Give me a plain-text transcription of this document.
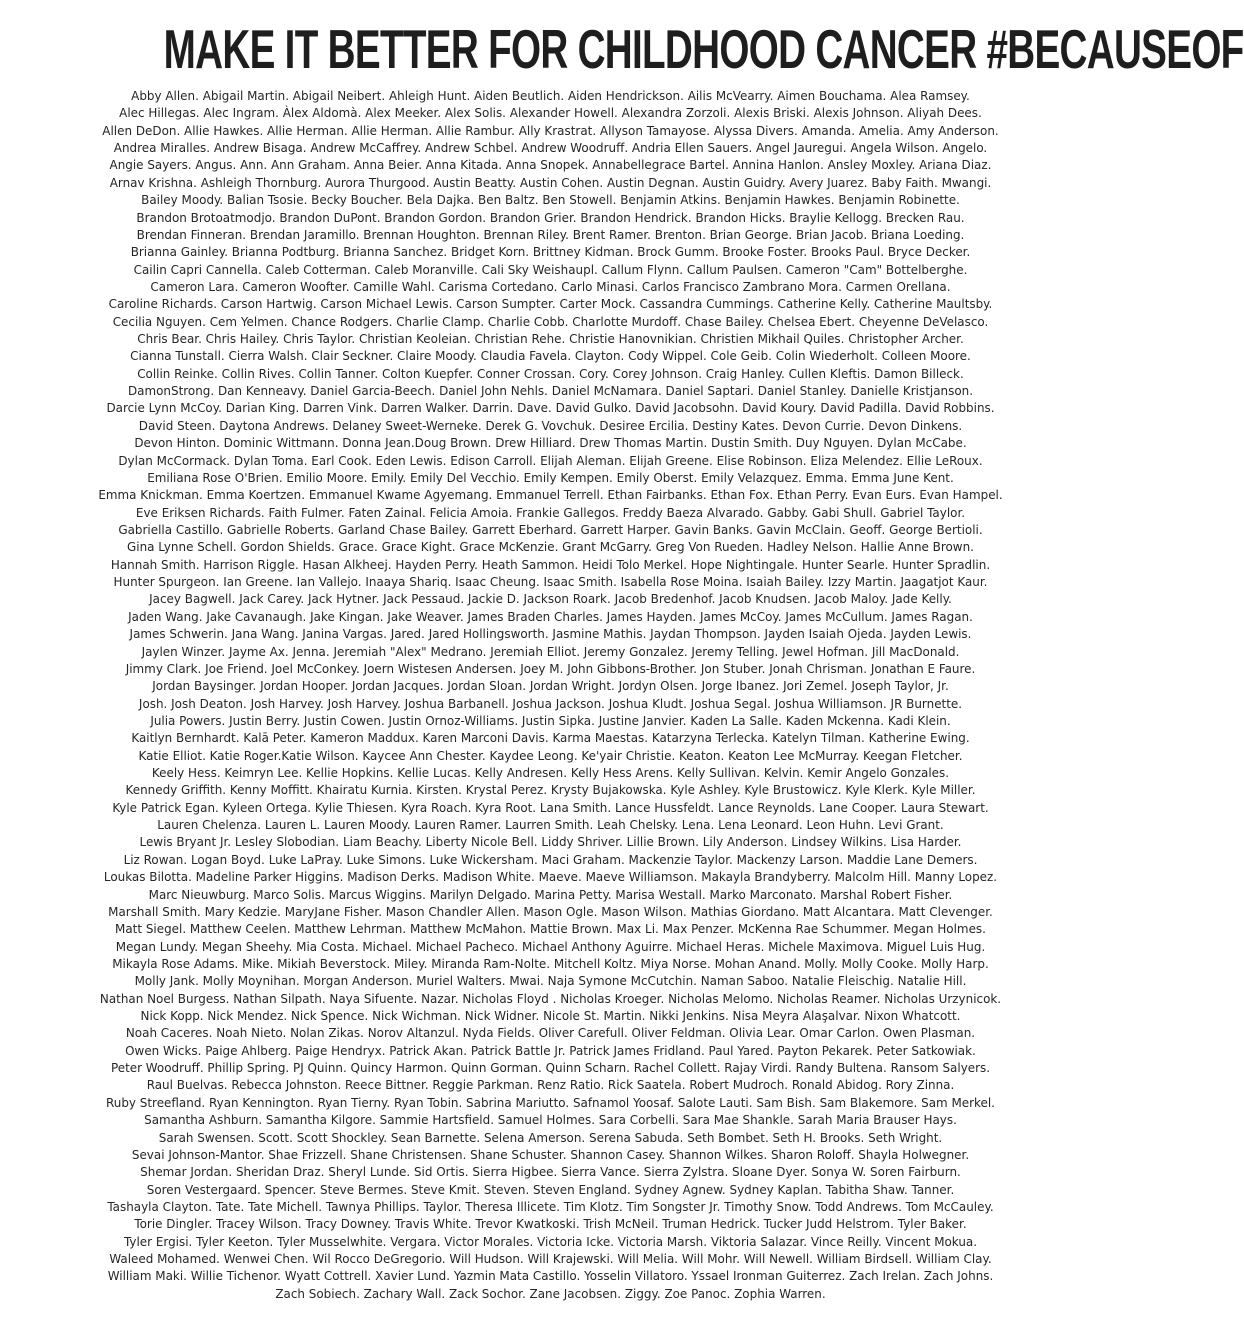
MAKE IT BETTER FOR CHILDHOOD CANCER #BECAUSEOF
Abby Allen. Abigail Martin. Abigail Neibert. Ahleigh Hunt. Aiden Beutlich. Aiden Hendrickson. Ailis McVearry. Aimen Bouchama. Alea Ramsey.
Alec Hillegas. Alec Ingram. Àlex Aldomà. Alex Meeker. Alex Solis. Alexander Howell. Alexandra Zorzoli. Alexis Briski. Alexis Johnson. Aliyah Dees.
Allen DeDon. Allie Hawkes. Allie Herman. Allie Herman. Allie Rambur. Ally Krastrat. Allyson Tamayose. Alyssa Divers. Amanda. Amelia. Amy Anderson.
Andrea Miralles. Andrew Bisaga. Andrew McCaffrey. Andrew Schbel. Andrew Woodruff. Andria Ellen Sauers. Angel Jauregui. Angela Wilson. Angelo.
Angie Sayers. Angus. Ann. Ann Graham. Anna Beier. Anna Kitada. Anna Snopek. Annabellegrace Bartel. Annina Hanlon. Ansley Moxley. Ariana Diaz.
Arnav Krishna. Ashleigh Thornburg. Aurora Thurgood. Austin Beatty. Austin Cohen. Austin Degnan. Austin Guidry. Avery Juarez. Baby Faith. Mwangi.
Bailey Moody. Balian Tsosie. Becky Boucher. Bela Dajka. Ben Baltz. Ben Stowell. Benjamin Atkins. Benjamin Hawkes. Benjamin Robinette.
Brandon Brotoatmodjo. Brandon DuPont. Brandon Gordon. Brandon Grier. Brandon Hendrick. Brandon Hicks. Braylie Kellogg. Brecken Rau.
Brendan Finneran. Brendan Jaramillo. Brennan Houghton. Brennan Riley. Brent Ramer. Brenton. Brian George. Brian Jacob. Briana Loeding.
Brianna Gainley. Brianna Podtburg. Brianna Sanchez. Bridget Korn. Brittney Kidman. Brock Gumm. Brooke Foster. Brooks Paul. Bryce Decker.
Cailin Capri Cannella. Caleb Cotterman. Caleb Moranville. Cali Sky Weishaupl. Callum Flynn. Callum Paulsen. Cameron "Cam" Bottelberghe.
Cameron Lara. Cameron Woofter. Camille Wahl. Carisma Cortedano. Carlo Minasi. Carlos Francisco Zambrano Mora. Carmen Orellana.
Caroline Richards. Carson Hartwig. Carson Michael Lewis. Carson Sumpter. Carter Mock. Cassandra Cummings. Catherine Kelly. Catherine Maultsby.
Cecilia Nguyen. Cem Yelmen. Chance Rodgers. Charlie Clamp. Charlie Cobb. Charlotte Murdoff. Chase Bailey. Chelsea Ebert. Cheyenne DeVelasco.
Chris Bear. Chris Hailey. Chris Taylor. Christian Keoleian. Christian Rehe. Christie Hanovnikian. Christien Mikhail Quiles. Christopher Archer.
Cianna Tunstall. Cierra Walsh. Clair Seckner. Claire Moody. Claudia Favela. Clayton. Cody Wippel. Cole Geib. Colin Wiederholt. Colleen Moore.
Collin Reinke. Collin Rives. Collin Tanner. Colton Kuepfer. Conner Crossan. Cory. Corey Johnson. Craig Hanley. Cullen Kleftis. Damon Billeck.
DamonStrong. Dan Kenneavy. Daniel Garcia-Beech. Daniel John Nehls. Daniel McNamara. Daniel Saptari. Daniel Stanley. Danielle Kristjanson.
Darcie Lynn McCoy. Darian King. Darren Vink. Darren Walker. Darrin. Dave. David Gulko. David Jacobsohn. David Koury. David Padilla. David Robbins.
David Steen. Daytona Andrews. Delaney Sweet-Werneke. Derek G. Vovchuk. Desiree Ercilia. Destiny Kates. Devon Currie. Devon Dinkens.
Devon Hinton. Dominic Wittmann. Donna Jean.Doug Brown. Drew Hilliard. Drew Thomas Martin. Dustin Smith. Duy Nguyen. Dylan McCabe.
Dylan McCormack. Dylan Toma. Earl Cook. Eden Lewis. Edison Carroll. Elijah Aleman. Elijah Greene. Elise Robinson. Eliza Melendez. Ellie LeRoux.
Emiliana Rose O'Brien. Emilio Moore. Emily. Emily Del Vecchio. Emily Kempen. Emily Oberst. Emily Velazquez. Emma. Emma June Kent.
Emma Knickman. Emma Koertzen. Emmanuel Kwame Agyemang. Emmanuel Terrell. Ethan Fairbanks. Ethan Fox. Ethan Perry. Evan Eurs. Evan Hampel.
Eve Eriksen Richards. Faith Fulmer. Faten Zainal. Felicia Amoia. Frankie Gallegos. Freddy Baeza Alvarado. Gabby. Gabi Shull. Gabriel Taylor.
Gabriella Castillo. Gabrielle Roberts. Garland Chase Bailey. Garrett Eberhard. Garrett Harper. Gavin Banks. Gavin McClain. Geoff. George Bertioli.
Gina Lynne Schell. Gordon Shields. Grace. Grace Kight. Grace McKenzie. Grant McGarry. Greg Von Rueden. Hadley Nelson. Hallie Anne Brown.
Hannah Smith. Harrison Riggle. Hasan Alkheej. Hayden Perry. Heath Sammon. Heidi Tolo Merkel. Hope Nightingale. Hunter Searle. Hunter Spradlin.
Hunter Spurgeon. Ian Greene. Ian Vallejo. Inaaya Shariq. Isaac Cheung. Isaac Smith. Isabella Rose Moina. Isaiah Bailey. Izzy Martin. Jaagatjot Kaur.
Jacey Bagwell. Jack Carey. Jack Hytner. Jack Pessaud. Jackie D. Jackson Roark. Jacob Bredenhof. Jacob Knudsen. Jacob Maloy. Jade Kelly.
Jaden Wang. Jake Cavanaugh. Jake Kingan. Jake Weaver. James Braden Charles. James Hayden. James McCoy. James McCullum. James Ragan.
James Schwerin. Jana Wang. Janina Vargas. Jared. Jared Hollingsworth. Jasmine Mathis. Jaydan Thompson. Jayden Isaiah Ojeda. Jayden Lewis.
Jaylen Winzer. Jayme Ax. Jenna. Jeremiah "Alex" Medrano. Jeremiah Elliot. Jeremy Gonzalez. Jeremy Telling. Jewel Hofman. Jill MacDonald.
Jimmy Clark. Joe Friend. Joel McConkey. Joern Wistesen Andersen. Joey M. John Gibbons-Brother. Jon Stuber. Jonah Chrisman. Jonathan E Faure.
Jordan Baysinger. Jordan Hooper. Jordan Jacques. Jordan Sloan. Jordan Wright. Jordyn Olsen. Jorge Ibanez. Jori Zemel. Joseph Taylor, Jr.
Josh. Josh Deaton. Josh Harvey. Josh Harvey. Joshua Barbanell. Joshua Jackson. Joshua Kludt. Joshua Segal. Joshua Williamson. JR Burnette.
Julia Powers. Justin Berry. Justin Cowen. Justin Ornoz-Williams. Justin Sipka. Justine Janvier. Kaden La Salle. Kaden Mckenna. Kadi Klein.
Kaitlyn Bernhardt. Kalā Peter. Kameron Maddux. Karen Marconi Davis. Karma Maestas. Katarzyna Terlecka. Katelyn Tilman. Katherine Ewing.
Katie Elliot. Katie Roger.Katie Wilson. Kaycee Ann Chester. Kaydee Leong. Ke'yair Christie. Keaton. Keaton Lee McMurray. Keegan Fletcher.
Keely Hess. Keimryn Lee. Kellie Hopkins. Kellie Lucas. Kelly Andresen. Kelly Hess Arens. Kelly Sullivan. Kelvin. Kemir Angelo Gonzales.
Kennedy Griffith. Kenny Moffitt. Khairatu Kurnia. Kirsten. Krystal Perez. Krysty Bujakowska. Kyle Ashley. Kyle Brustowicz. Kyle Klerk. Kyle Miller.
Kyle Patrick Egan. Kyleen Ortega. Kylie Thiesen. Kyra Roach. Kyra Root. Lana Smith. Lance Hussfeldt. Lance Reynolds. Lane Cooper. Laura Stewart.
Lauren Chelenza. Lauren L. Lauren Moody. Lauren Ramer. Laurren Smith. Leah Chelsky. Lena. Lena Leonard. Leon Huhn. Levi Grant.
Lewis Bryant Jr. Lesley Slobodian. Liam Beachy. Liberty Nicole Bell. Liddy Shriver. Lillie Brown. Lily Anderson. Lindsey Wilkins. Lisa Harder.
Liz Rowan. Logan Boyd. Luke LaPray. Luke Simons. Luke Wickersham. Maci Graham. Mackenzie Taylor. Mackenzy Larson. Maddie Lane Demers.
Loukas Bilotta. Madeline Parker Higgins. Madison Derks. Madison White. Maeve. Maeve Williamson. Makayla Brandyberry. Malcolm Hill. Manny Lopez.
Marc Nieuwburg. Marco Solis. Marcus Wiggins. Marilyn Delgado. Marina Petty. Marisa Westall. Marko Marconato. Marshal Robert Fisher.
Marshall Smith. Mary Kedzie. MaryJane Fisher. Mason Chandler Allen. Mason Ogle. Mason Wilson. Mathias Giordano. Matt Alcantara. Matt Clevenger.
Matt Siegel. Matthew Ceelen. Matthew Lehrman. Matthew McMahon. Mattie Brown. Max Li. Max Penzer. McKenna Rae Schummer. Megan Holmes.
Megan Lundy. Megan Sheehy. Mia Costa. Michael. Michael Pacheco. Michael Anthony Aguirre. Michael Heras. Michele Maximova. Miguel Luis Hug.
Mikayla Rose Adams. Mike. Mikiah Beverstock. Miley. Miranda Ram-Nolte. Mitchell Koltz. Miya Norse. Mohan Anand. Molly. Molly Cooke. Molly Harp.
Molly Jank. Molly Moynihan. Morgan Anderson. Muriel Walters. Mwai. Naja Symone McCutchin. Naman Saboo. Natalie Fleischig. Natalie Hill.
Nathan Noel Burgess. Nathan Silpath. Naya Sifuente. Nazar. Nicholas Floyd . Nicholas Kroeger. Nicholas Melomo. Nicholas Reamer. Nicholas Urzynicok.
Nick Kopp. Nick Mendez. Nick Spence. Nick Wichman. Nick Widner. Nicole St. Martin. Nikki Jenkins. Nisa Meyra Alaşalvar. Nixon Whatcott.
Noah Caceres. Noah Nieto. Nolan Zikas. Norov Altanzul. Nyda Fields. Oliver Carefull. Oliver Feldman. Olivia Lear. Omar Carlon. Owen Plasman.
Owen Wicks. Paige Ahlberg. Paige Hendryx. Patrick Akan. Patrick Battle Jr. Patrick James Fridland. Paul Yared. Payton Pekarek. Peter Satkowiak.
Peter Woodruff. Phillip Spring. PJ Quinn. Quincy Harmon. Quinn Gorman. Quinn Scharn. Rachel Collett. Rajay Virdi. Randy Bultena. Ransom Salyers.
Raul Buelvas. Rebecca Johnston. Reece Bittner. Reggie Parkman. Renz Ratio. Rick Saatela. Robert Mudroch. Ronald Abidog. Rory Zinna.
Ruby Streefland. Ryan Kennington. Ryan Tierny. Ryan Tobin. Sabrina Mariutto. Safnamol Yoosaf. Salote Lauti. Sam Bish. Sam Blakemore. Sam Merkel.
Samantha Ashburn. Samantha Kilgore. Sammie Hartsfield. Samuel Holmes. Sara Corbelli. Sara Mae Shankle. Sarah Maria Brauser Hays.
Sarah Swensen. Scott. Scott Shockley. Sean Barnette. Selena Amerson. Serena Sabuda. Seth Bombet. Seth H. Brooks. Seth Wright.
Sevai Johnson-Mantor. Shae Frizzell. Shane Christensen. Shane Schuster. Shannon Casey. Shannon Wilkes. Sharon Roloff. Shayla Holwegner.
Shemar Jordan. Sheridan Draz. Sheryl Lunde. Sid Ortis. Sierra Higbee. Sierra Vance. Sierra Zylstra. Sloane Dyer. Sonya W. Soren Fairburn.
Soren Vestergaard. Spencer. Steve Bermes. Steve Kmit. Steven. Steven England. Sydney Agnew. Sydney Kaplan. Tabitha Shaw. Tanner.
Tashayla Clayton. Tate. Tate Michell. Tawnya Phillips. Taylor. Theresa Illicete. Tim Klotz. Tim Songster Jr. Timothy Snow. Todd Andrews. Tom McCauley.
Torie Dingler. Tracey Wilson. Tracy Downey. Travis White. Trevor Kwatkoski. Trish McNeil. Truman Hedrick. Tucker Judd Helstrom. Tyler Baker.
Tyler Ergisi. Tyler Keeton. Tyler Musselwhite. Vergara. Victor Morales. Victoria Icke. Victoria Marsh. Viktoria Salazar. Vince Reilly. Vincent Mokua.
Waleed Mohamed. Wenwei Chen. Wil Rocco DeGregorio. Will Hudson. Will Krajewski. Will Melia. Will Mohr. Will Newell. William Birdsell. William Clay.
William Maki. Willie Tichenor. Wyatt Cottrell. Xavier Lund. Yazmin Mata Castillo. Yosselin Villatoro. Yssael Ironman Guiterrez. Zach Irelan. Zach Johns.
Zach Sobiech. Zachary Wall. Zack Sochor. Zane Jacobsen. Ziggy. Zoe Panoc. Zophia Warren.
